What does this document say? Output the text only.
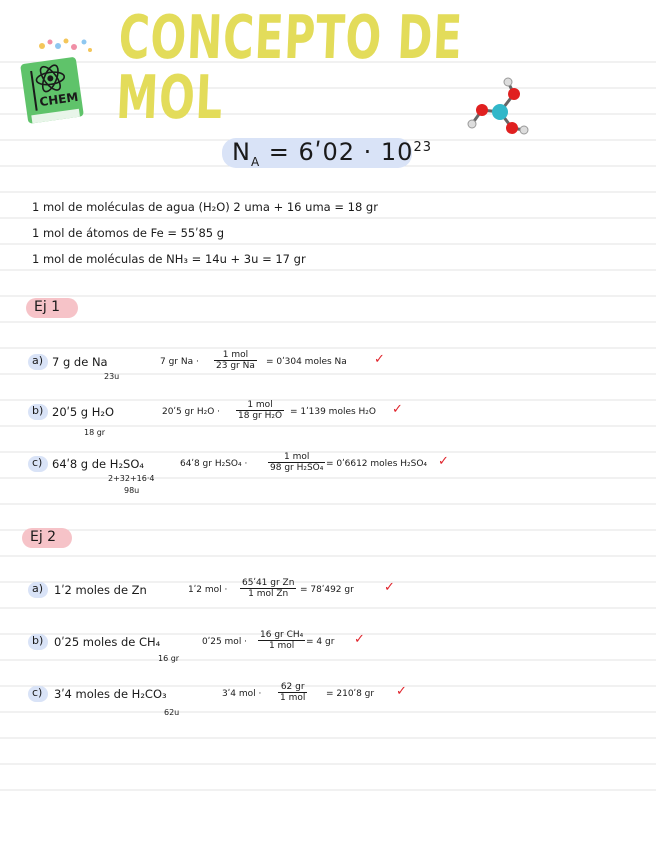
CHEM
CONCEPTO DE MOL
$N_A$ = 6ʹ02 · $10^{23}$
1 mol de moléculas de agua (H₂O) 2 uma + 16 uma = 18 gr
1 mol de átomos de Fe = 55ʹ85 g
1 mol de moléculas de NH₃ = 14u + 3u = 17 gr
Ej 1
a) 7 g de Na
23u
7 gr Na ·
1 mol
23 gr Na = 0ʹ304 moles Na ✓
b) 20ʹ5 g H₂O
18 gr
20ʹ5 gr H₂O ·
1 mol
18 gr H₂O = 1ʹ139 moles H₂O ✓
c) 64ʹ8 g de H₂SO₄
2+32+16·4
98u
64ʹ8 gr H₂SO₄ ·
1 mol
98 gr H₂SO₄ = 0ʹ6612 moles H₂SO₄ ✓
Ej 2
a) 1ʹ2 moles de Zn	1ʹ2 mol ·
65ʹ41 gr Zn
1 mol Zn	= 78ʹ492 gr ✓
b) 0ʹ25 moles de CH₄
16 gr
0ʹ25 mol ·
16 gr CH₄
1 mol	= 4 gr ✓
c) 3ʹ4 moles de H₂CO₃
62u
3ʹ4 mol ·
62 gr
1 mol = 210ʹ8 gr ✓
